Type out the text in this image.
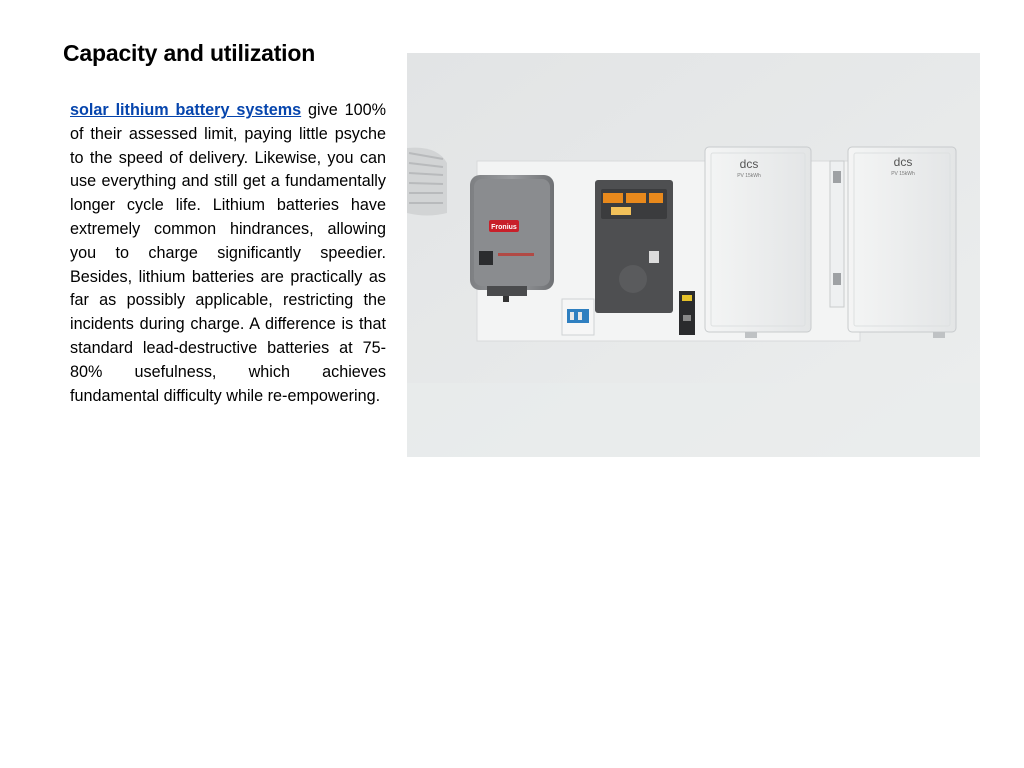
Capacity and utilization

solar lithium battery systems give 100% of their assessed limit, paying little psyche to the speed of delivery. Likewise, you can use everything and still get a fundamentally longer cycle life. Lithium batteries have extremely common hindrances, allowing you to charge significantly speedier. Besides, lithium batteries are practically as far as possibly applicable, restricting the incidents during charge. A difference is that standard lead-destructive batteries at 75-80% usefulness, which achieves fundamental difficulty while re-empowering.

Fronius
dcs
PV 15kWh
dcs
PV 15kWh
